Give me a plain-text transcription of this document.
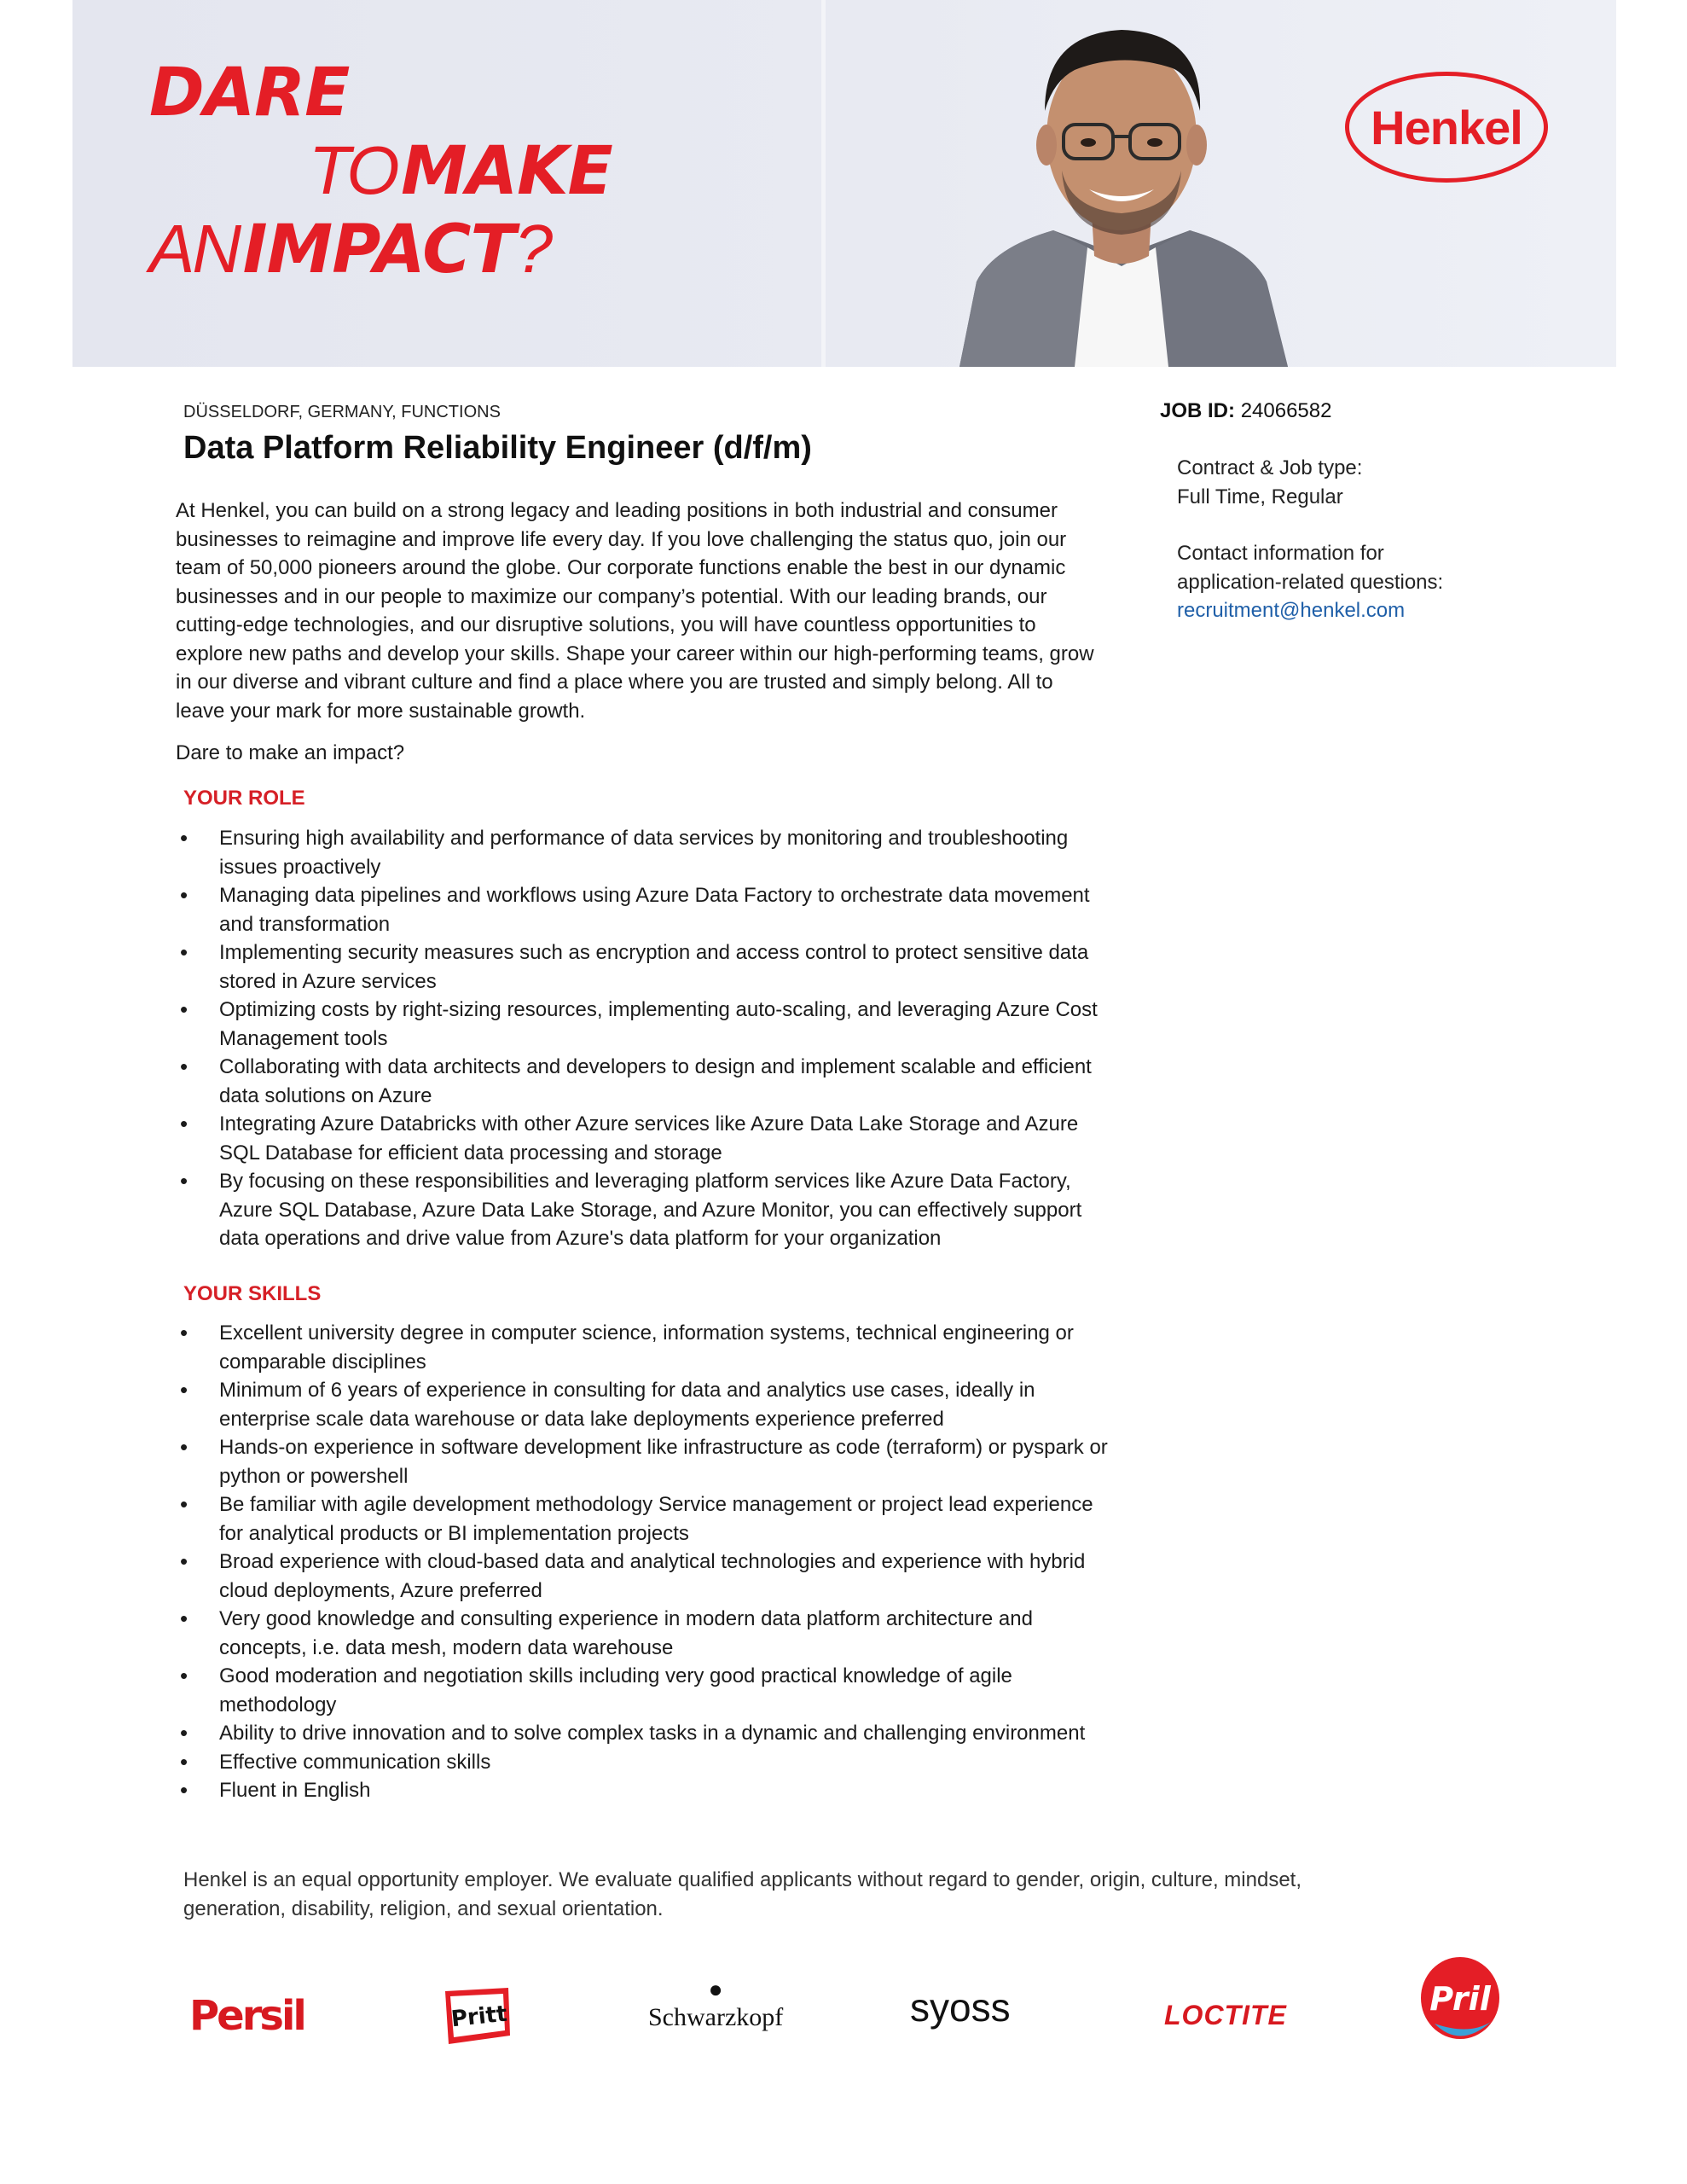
DARE
TO MAKE
AN IMPACT?
Henkel
DÜSSELDORF, GERMANY, FUNCTIONS
Data Platform Reliability Engineer (d/f/m)

At Henkel, you can build on a strong legacy and leading positions in both industrial and consumer businesses to reimagine and improve life every day. If you love challenging the status quo, join our team of 50,000 pioneers around the globe. Our corporate functions enable the best in our dynamic businesses and in our people to maximize our company’s potential. With our leading brands, our cutting-edge technologies, and our disruptive solutions, you will have countless opportunities to explore new paths and develop your skills. Shape your career within our high-performing teams, grow in our diverse and vibrant culture and find a place where you are trusted and simply belong. All to leave your mark for more sustainable growth.

Dare to make an impact?

YOUR ROLE
• Ensuring high availability and performance of data services by monitoring and troubleshooting issues proactively
• Managing data pipelines and workflows using Azure Data Factory to orchestrate data movement and transformation
• Implementing security measures such as encryption and access control to protect sensitive data stored in Azure services
• Optimizing costs by right-sizing resources, implementing auto-scaling, and leveraging Azure Cost Management tools
• Collaborating with data architects and developers to design and implement scalable and efficient data solutions on Azure
• Integrating Azure Databricks with other Azure services like Azure Data Lake Storage and Azure SQL Database for efficient data processing and storage
• By focusing on these responsibilities and leveraging platform services like Azure Data Factory, Azure SQL Database, Azure Data Lake Storage, and Azure Monitor, you can effectively support data operations and drive value from Azure's data platform for your organization
YOUR SKILLS
• Excellent university degree in computer science, information systems, technical engineering or comparable disciplines
• Minimum of 6 years of experience in consulting for data and analytics use cases, ideally in enterprise scale data warehouse or data lake deployments experience preferred
• Hands-on experience in software development like infrastructure as code (terraform) or pyspark or python or powershell
• Be familiar with agile development methodology Service management or project lead experience for analytical products or BI implementation projects
• Broad experience with cloud-based data and analytical technologies and experience with hybrid cloud deployments, Azure preferred
• Very good knowledge and consulting experience in modern data platform architecture and concepts, i.e. data mesh, modern data warehouse
• Good moderation and negotiation skills including very good practical knowledge of agile methodology
• Ability to drive innovation and to solve complex tasks in a dynamic and challenging environment
• Effective communication skills
• Fluent in English

Henkel is an equal opportunity employer. We evaluate qualified applicants without regard to gender, origin, culture, mindset, generation, disability, religion, and sexual orientation.

JOB ID: 24066582
Contract & Job type:
Full Time, Regular
Contact information for
application-related questions:
recruitment@henkel.com
Persil	Pritt
●
Schwarzkopf	syoss	LOCTITE	Pril
